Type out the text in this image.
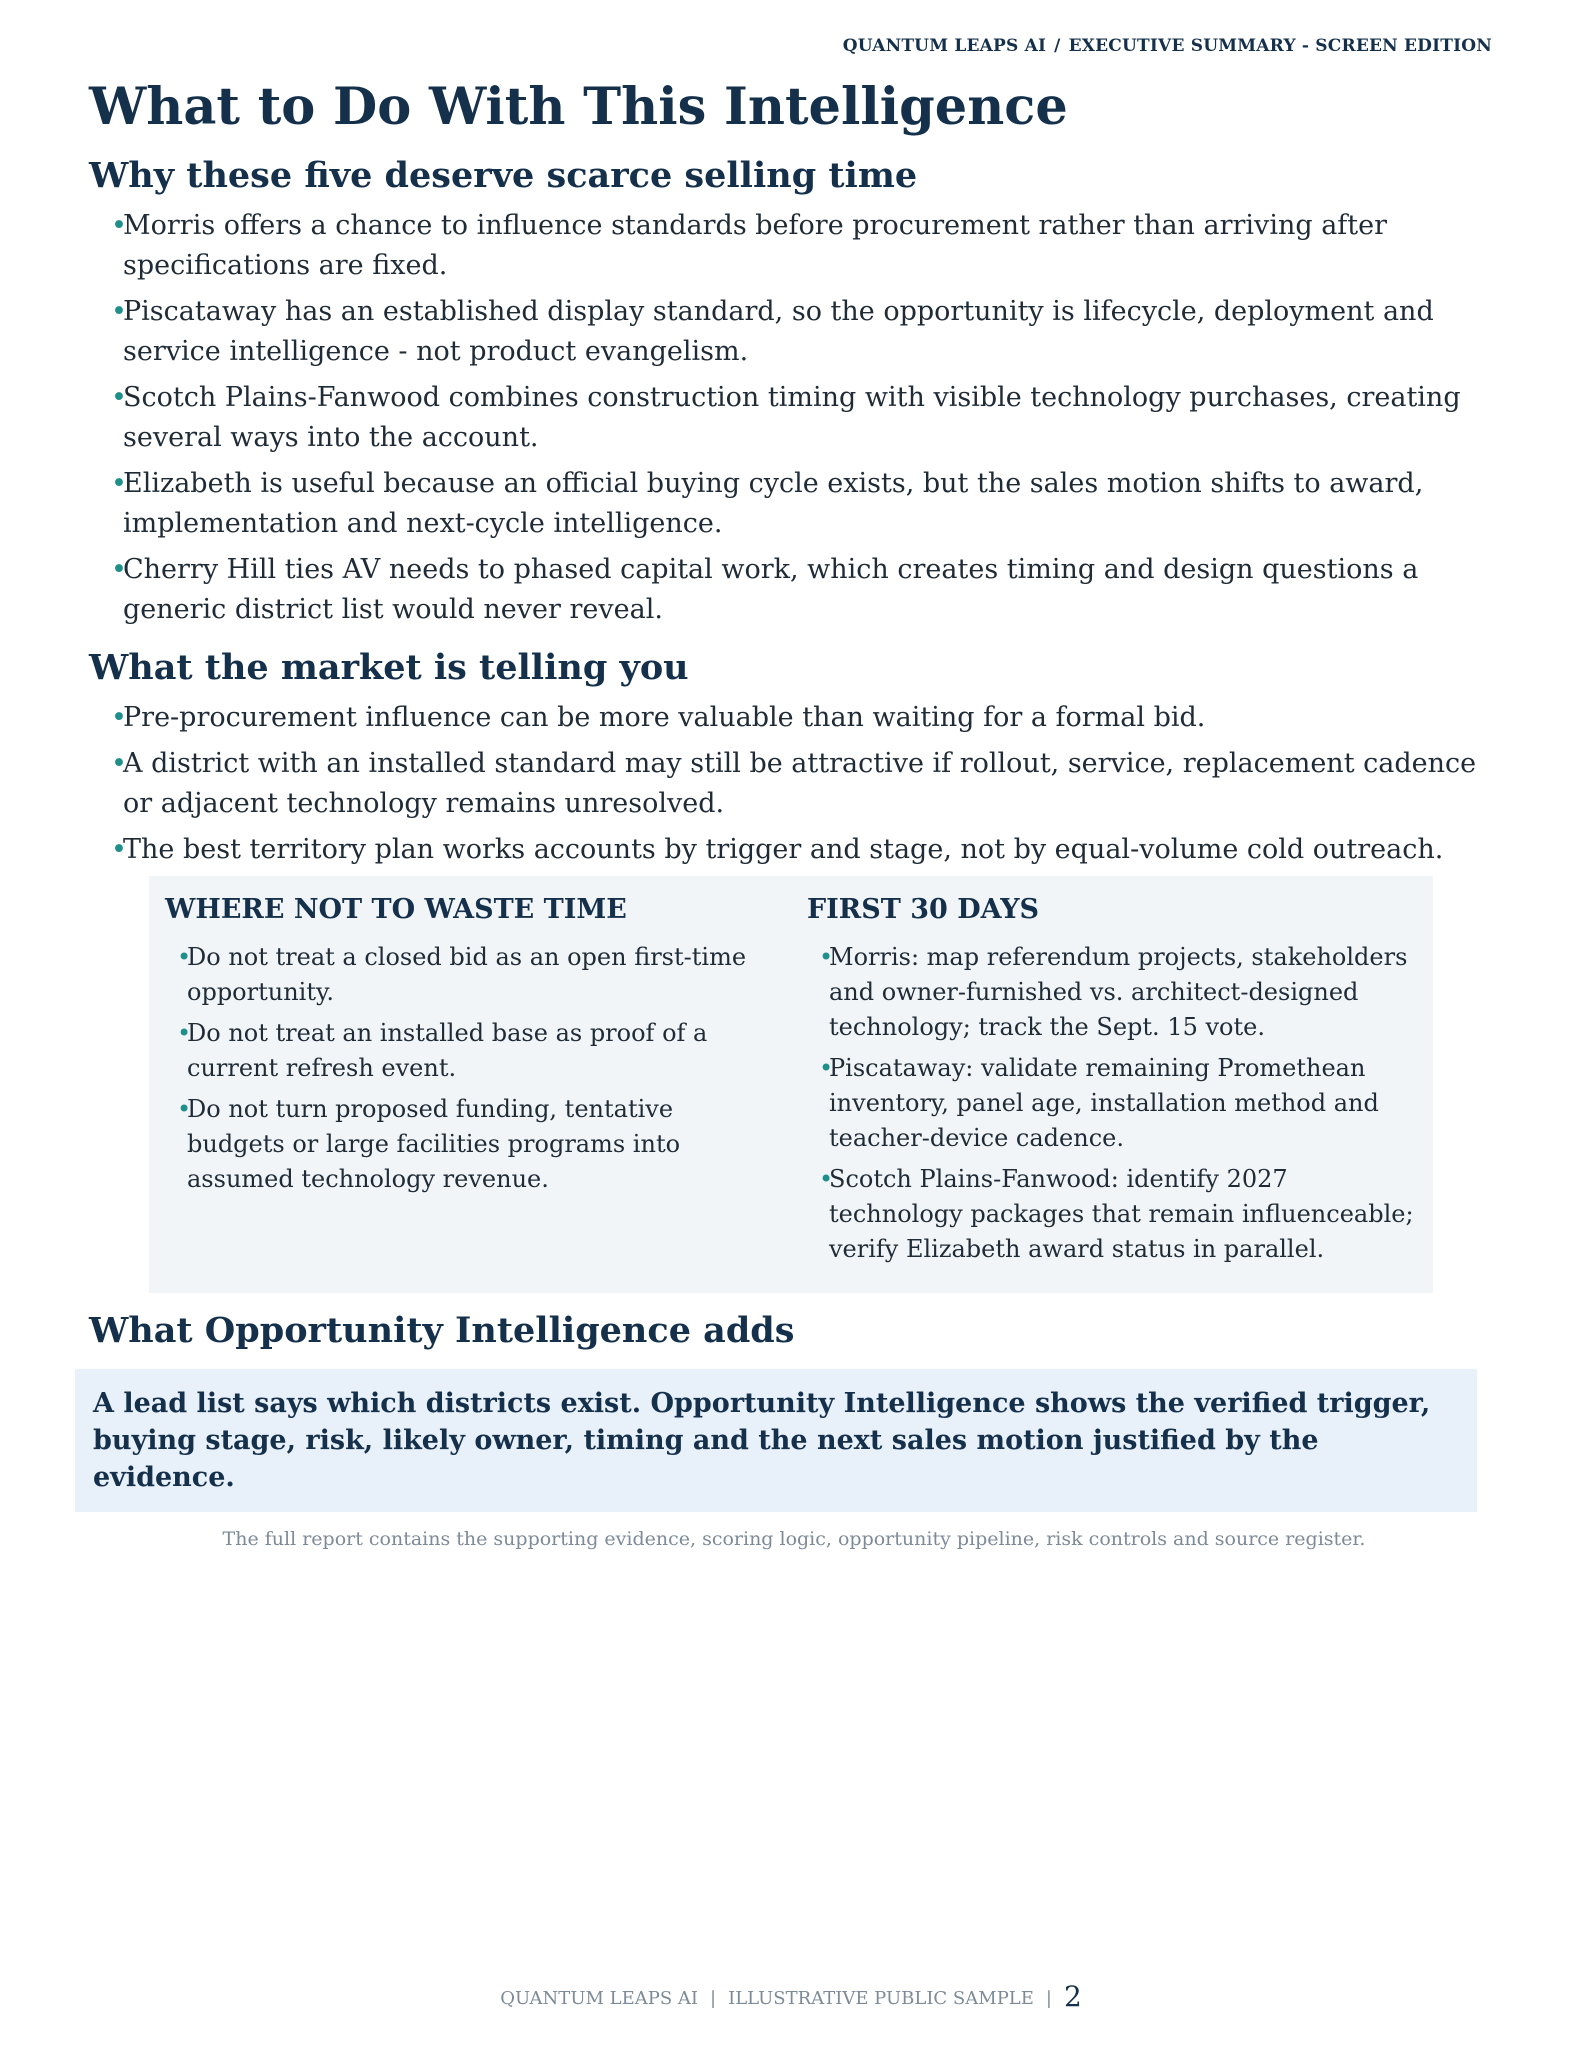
QUANTUM LEAPS AI / EXECUTIVE SUMMARY - SCREEN EDITION
What to Do With This Intelligence
Why these five deserve scarce selling time
• Morris offers a chance to influence standards before procurement rather than arriving after specifications are fixed.
• Piscataway has an established display standard, so the opportunity is lifecycle, deployment and service intelligence - not product evangelism.
• Scotch Plains-Fanwood combines construction timing with visible technology purchases, creating several ways into the account.
• Elizabeth is useful because an official buying cycle exists, but the sales motion shifts to award, implementation and next-cycle intelligence.
• Cherry Hill ties AV needs to phased capital work, which creates timing and design questions a generic district list would never reveal.
What the market is telling you
• Pre-procurement influence can be more valuable than waiting for a formal bid.
• A district with an installed standard may still be attractive if rollout, service, replacement cadence or adjacent technology remains unresolved.
• The best territory plan works accounts by trigger and stage, not by equal-volume cold outreach.
WHERE NOT TO WASTE TIME
• Do not treat a closed bid as an open first-time opportunity.
• Do not treat an installed base as proof of a current refresh event.
• Do not turn proposed funding, tentative budgets or large facilities programs into assumed technology revenue.
FIRST 30 DAYS
• Morris: map referendum projects, stakeholders and owner-furnished vs. architect-designed technology; track the Sept. 15 vote.
• Piscataway: validate remaining Promethean inventory, panel age, installation method and teacher-device cadence.
• Scotch Plains-Fanwood: identify 2027 technology packages that remain influenceable; verify Elizabeth award status in parallel.
What Opportunity Intelligence adds
A lead list says which districts exist. Opportunity Intelligence shows the verified trigger, buying stage, risk, likely owner, timing and the next sales motion justified by the evidence.
The full report contains the supporting evidence, scoring logic, opportunity pipeline, risk controls and source register.
QUANTUM LEAPS AI | ILLUSTRATIVE PUBLIC SAMPLE | 2
